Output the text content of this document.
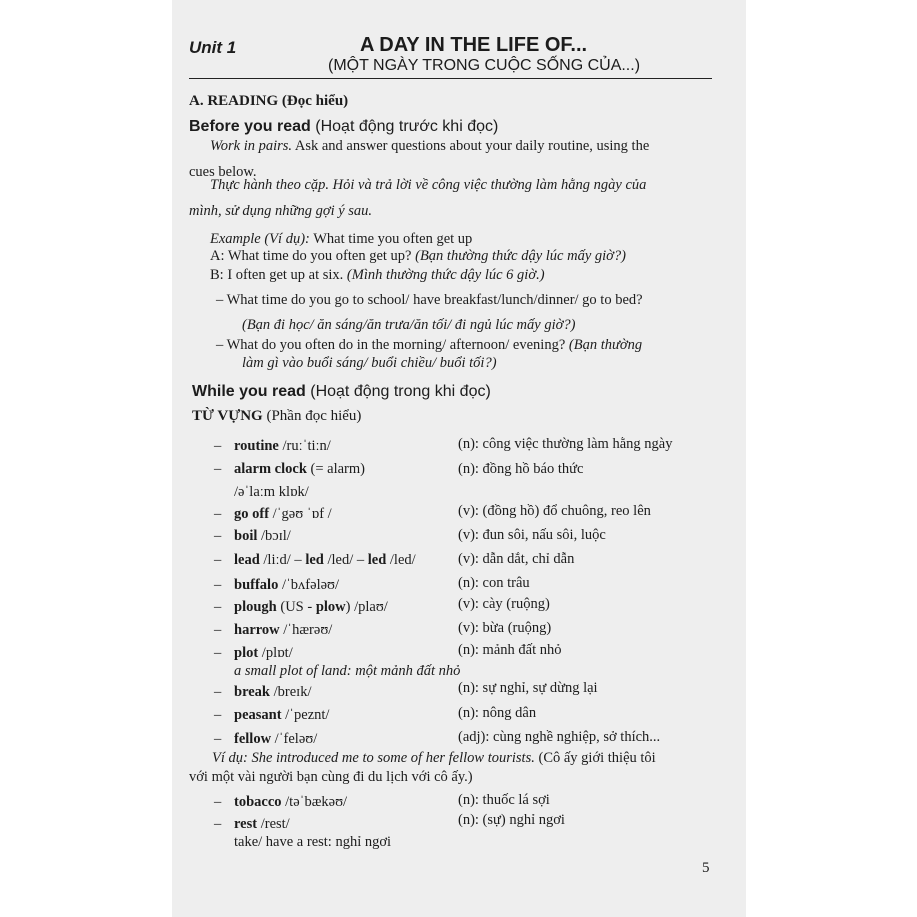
Unit 1	A DAY IN THE LIFE OF...
(MỘT NGÀY TRONG CUỘC SỐNG CỦA...)
A. READING (Đọc hiểu)
Before you read (Hoạt động trước khi đọc)
Work in pairs. Ask and answer questions about your daily routine, using the
cues below.
Thực hành theo cặp. Hỏi và trả lời về công việc thường làm hằng ngày của
mình, sử dụng những gợi ý sau.
Example (Ví dụ): What time you often get up
A: What time do you often get up? (Bạn thường thức dậy lúc mấy giờ?)
B: I often get up at six. (Mình thường thức dậy lúc 6 giờ.)
– What time do you go to school/ have breakfast/lunch/dinner/ go to bed?
(Bạn đi học/ ăn sáng/ăn trưa/ăn tối/ đi ngủ lúc mấy giờ?)
– What do you often do in the morning/ afternoon/ evening? (Bạn thường
làm gì vào buổi sáng/ buổi chiều/ buổi tối?)
While you read (Hoạt động trong khi đọc)
TỪ VỰNG (Phần đọc hiểu)
– routine /ruːˈtiːn/	(n): công việc thường làm hằng ngày
– alarm clock (= alarm)	(n): đồng hồ báo thức
/əˈlaːm klɒk/
– go off /ˈgəʊ ˈɒf /	(v): (đồng hồ) đổ chuông, reo lên
– boil /bɔɪl/	(v): đun sôi, nấu sôi, luộc
– lead /liːd/ – led /led/ – led /led/	(v): dẫn dắt, chỉ dẫn
– buffalo /ˈbʌfələʊ/	(n): con trâu
– plough (US - plow) /plaʊ/	(v): cày (ruộng)
– harrow /ˈhærəʊ/	(v): bừa (ruộng)
– plot /plɒt/	(n): mảnh đất nhỏ
a small plot of land: một mảnh đất nhỏ
– break /breɪk/	(n): sự nghỉ, sự dừng lại
– peasant /ˈpeznt/	(n): nông dân
– fellow /ˈfeləʊ/	(adj): cùng nghề nghiệp, sở thích...
Ví dụ: She introduced me to some of her fellow tourists. (Cô ấy giới thiệu tôi
với một vài người bạn cùng đi du lịch với cô ấy.)
– tobacco /təˈbækəʊ/	(n): thuốc lá sợi
– rest /rest/	(n): (sự) nghỉ ngơi
take/ have a rest: nghỉ ngơi
5
